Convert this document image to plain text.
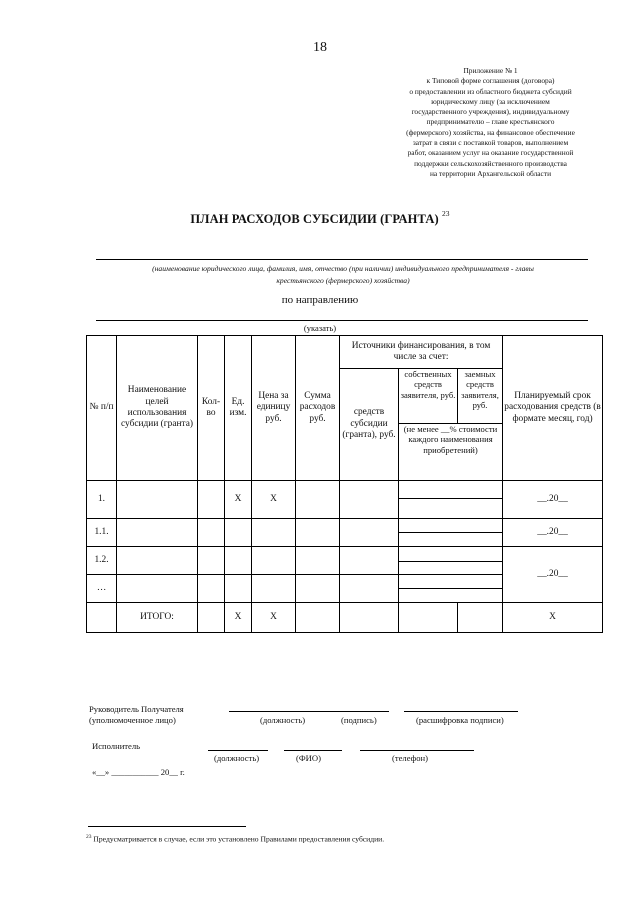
18
Приложение № 1
к Типовой форме соглашения (договора)
о предоставлении из областного бюджета субсидий
юридическому лицу (за исключением
государственного учреждения), индивидуальному
предпринимателю – главе крестьянского
(фермерского) хозяйства, на финансовое обеспечение
затрат в связи с поставкой товаров, выполнением
работ, оказанием услуг на оказание государственной
поддержки сельскохозяйственного производства
на территории Архангельской области
ПЛАН РАСХОДОВ СУБСИДИИ (ГРАНТА) $^{23}$
(наименование юридического лица, фамилия, имя, отчество (при наличии) индивидуального предпринимателя - главы
крестьянского (фермерского) хозяйства)
по направлению
(указать)
№ п/п	Наименование целей использования субсидии (гранта)	Кол-во	Ед. изм.	Цена за единицу руб.	Сумма расходов руб.	Источники финансирования, в том числе за счет:			Планируемый срок расходования средств (в формате месяц, год)
						средств субсидии (гранта), руб.	собственных средств заявителя, руб.	заемных средств заявителя, руб.	
							(не менее __% стоимости каждого наименования приобретений)		
1.			X	X					__.20__

1.1.									__.20__

1.2.									__.20__

…									

	ИТОГО:		X	X					X
Руководитель Получателя
(уполномоченное лицо)	(должность)	(подпись)	(расшифровка подписи)
Исполнитель
(должность)	(ФИО)	(телефон)
«__» ___________ 20__ г.
$^{23}$ Предусматривается в случае, если это установлено Правилами предоставления субсидии.
